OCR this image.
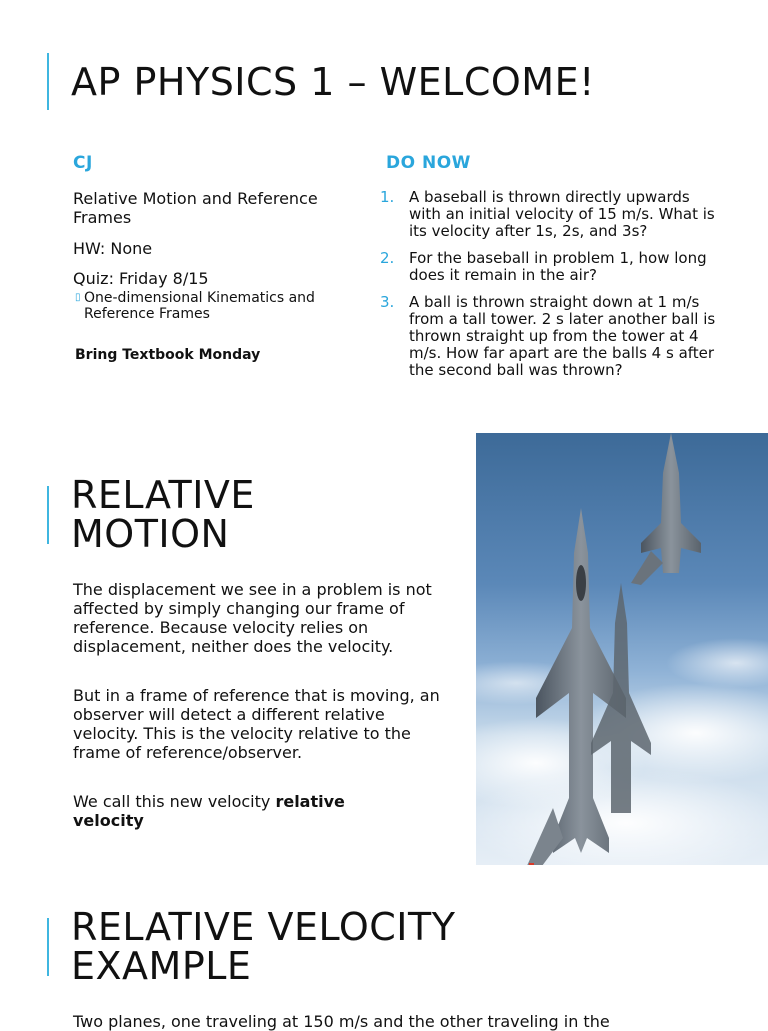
AP PHYSICS 1 – WELCOME!
CJ

Relative Motion and Reference Frames

HW: None

Quiz: Friday 8/15

▯ One-dimensional Kinematics and Reference Frames

Bring Textbook Monday

DO NOW
1. A baseball is thrown directly upwards with an initial velocity of 15 m/s. What is its velocity after 1s, 2s, and 3s?
2. For the baseball in problem 1, how long does it remain in the air?
3. A ball is thrown straight down at 1 m/s from a tall tower. 2 s later another ball is thrown straight up from the tower at 4 m/s. How far apart are the balls 4 s after the second ball was thrown?
RELATIVE
MOTION

The displacement we see in a problem is not affected by simply changing our frame of reference. Because velocity relies on displacement, neither does the velocity.

But in a frame of reference that is moving, an observer will detect a different relative velocity. This is the velocity relative to the frame of reference/observer.

We call this new velocity relative velocity

RELATIVE VELOCITY
EXAMPLE

Two planes, one traveling at 150 m/s and the other traveling in the
